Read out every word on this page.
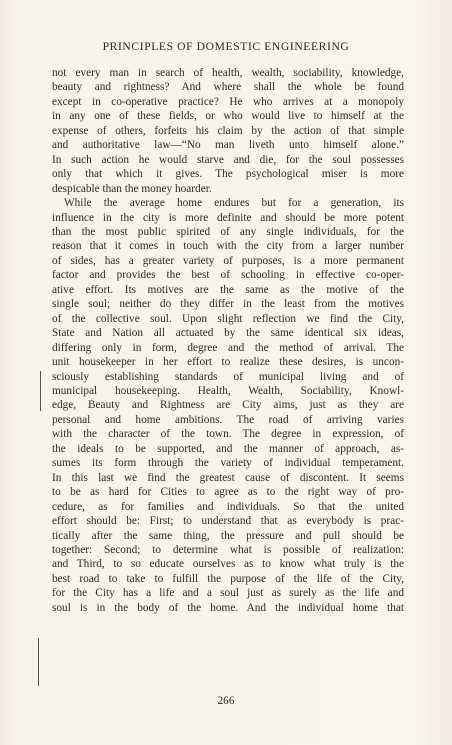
PRINCIPLES OF DOMESTIC ENGINEERING
not every man in search of health, wealth, sociability, knowledge,
beauty and rightness? And where shall the whole be found
except in co-operative practice? He who arrives at a monopoly
in any one of these fields, or who would live to himself at the
expense of others, forfeits his claim by the action of that simple
and authoritative law—“No man liveth unto himself alone.”
In such action he would starve and die, for the soul possesses
only that which it gives. The psychological miser is more
despicable than the money hoarder.
While the average home endures but for a generation, its
influence in the city is more definite and should be more potent
than the most public spirited of any single individuals, for the
reason that it comes in touch with the city from a larger number
of sides, has a greater variety of purposes, is a more permanent
factor and provides the best of schooling in effective co-oper-
ative effort. Its motives are the same as the motive of the
single soul; neither do they differ in the least from the motives
of the collective soul. Upon slight reflection we find the City,
State and Nation all actuated by the same identical six ideas,
differing only in form, degree and the method of arrival. The
unit housekeeper in her effort to realize these desires, is uncon-
sciously establishing standards of municipal living and of
municipal housekeeping. Health, Wealth, Sociability, Knowl-
edge, Beauty and Rightness are City aims, just as they are
personal and home ambitions. The road of arriving varies
with the character of the town. The degree in expression, of
the ideals to be supported, and the manner of approach, as-
sumes its form through the variety of individual temperament.
In this last we find the greatest cause of discontent. It seems
to be as hard for Cities to agree as to the right way of pro-
cedure, as for families and individuals. So that the united
effort should be: First; to understand that as everybody is prac-
tically after the same thing, the pressure and pull should be
together: Second; to determine what is possible of realization:
and Third, to so educate ourselves as to know what truly is the
best road to take to fulfill the purpose of the life of the City,
for the City has a life and a soul just as surely as the life and
soul is in the body of the home. And the individual home that
266
